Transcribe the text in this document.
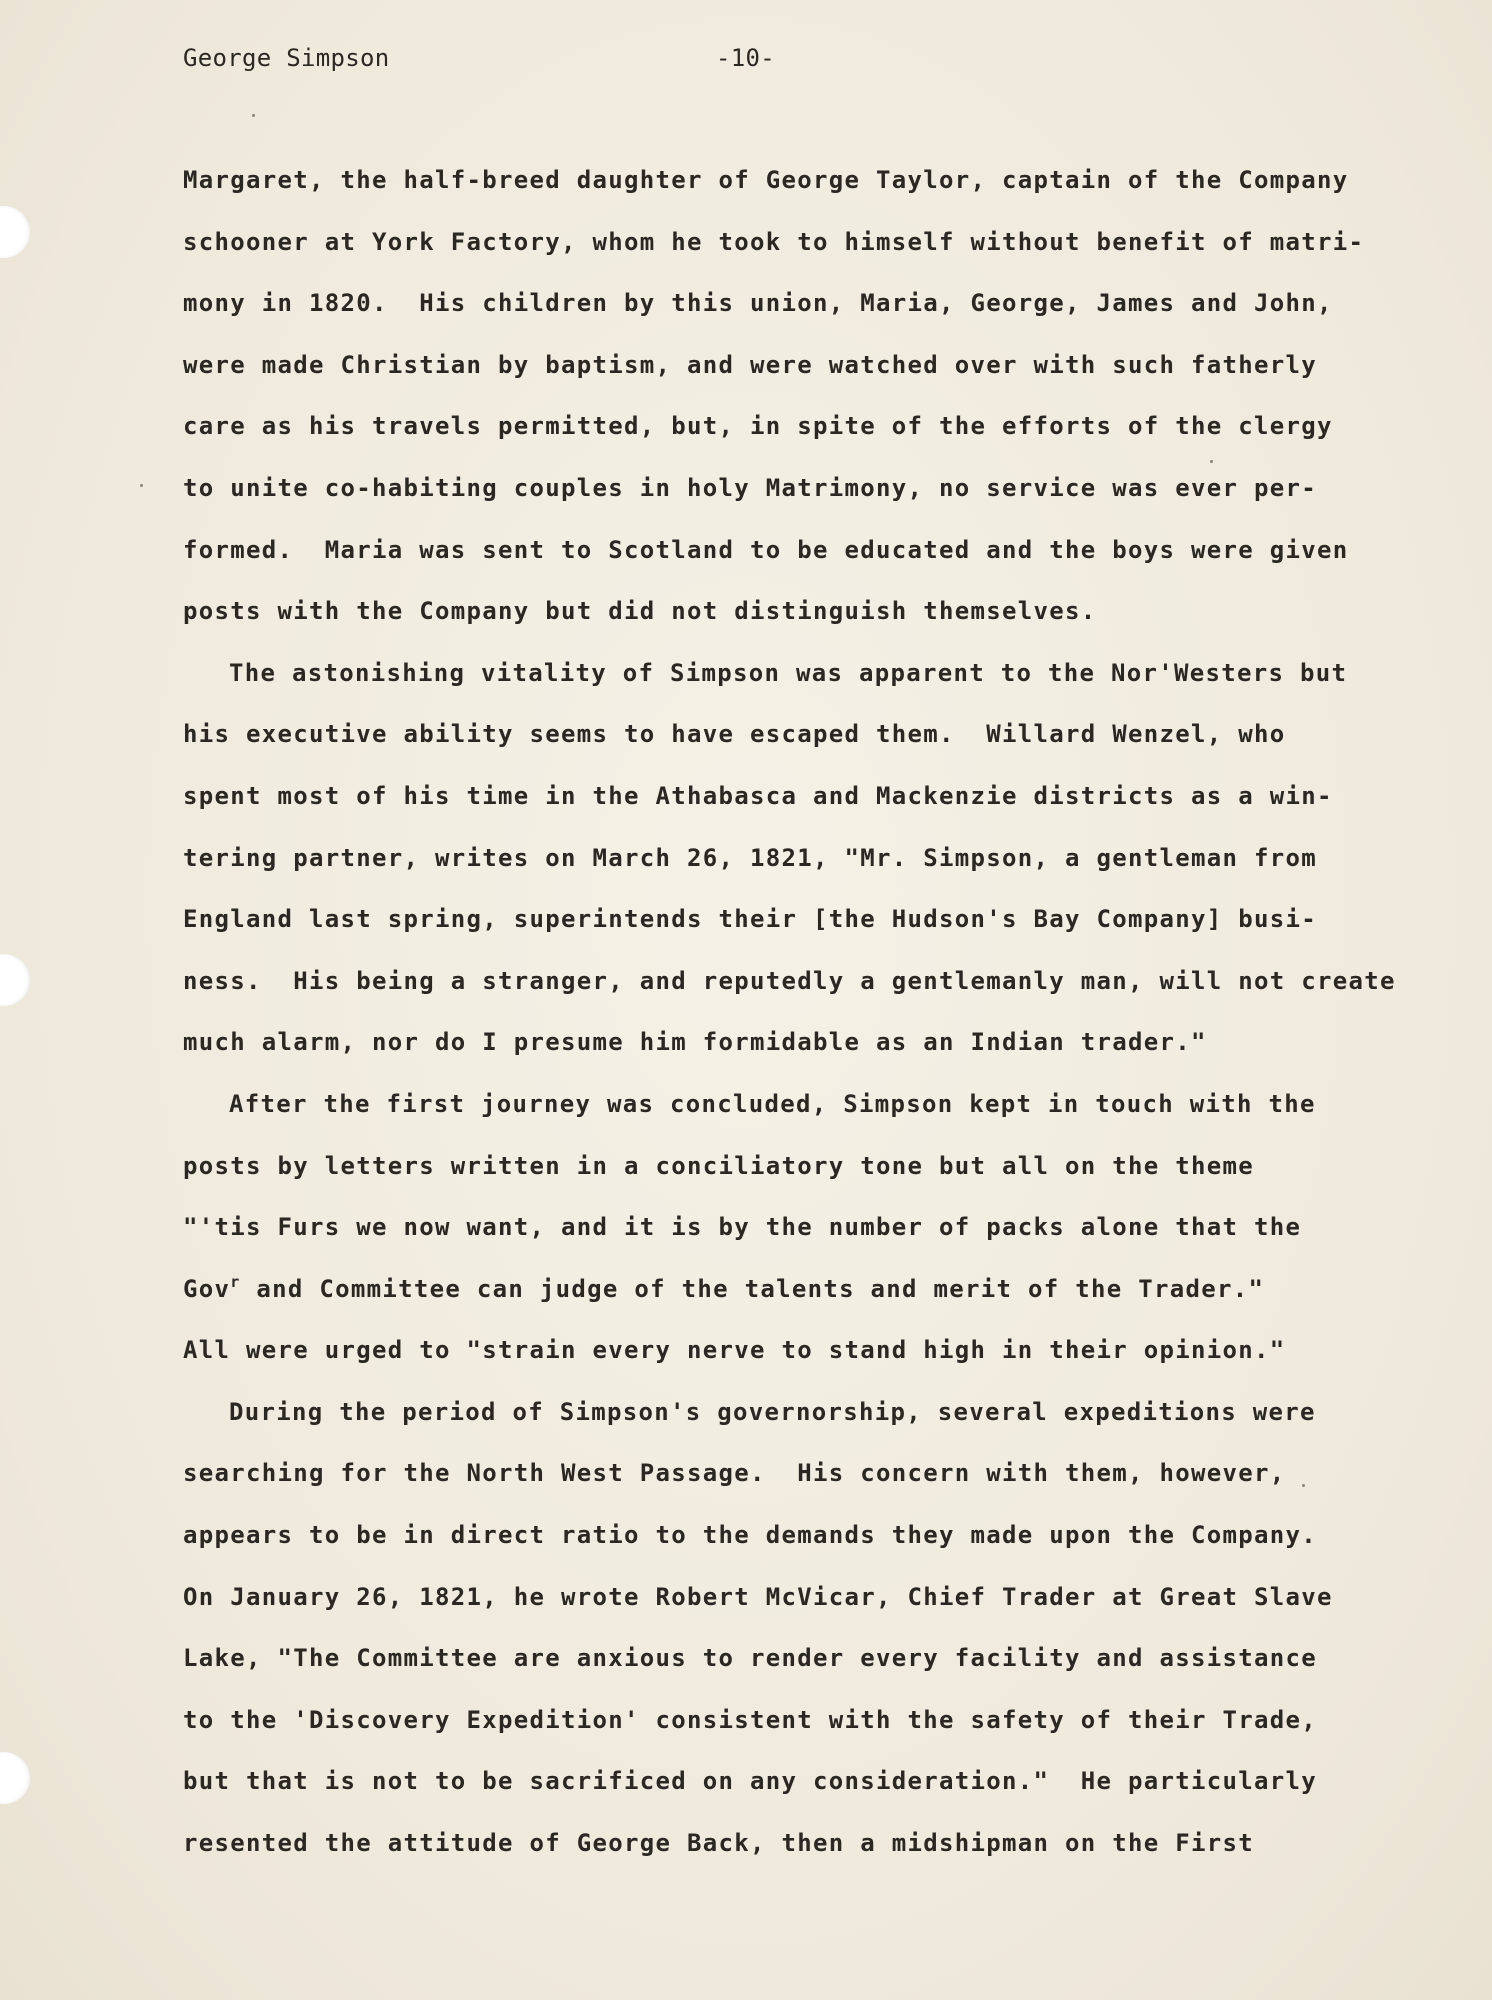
George Simpson	-10-
Margaret, the half-breed daughter of George Taylor, captain of the Company
schooner at York Factory, whom he took to himself without benefit of matri-
mony in 1820.  His children by this union, Maria, George, James and John,
were made Christian by baptism, and were watched over with such fatherly
care as his travels permitted, but, in spite of the efforts of the clergy
to unite co-habiting couples in holy Matrimony, no service was ever per-
formed.  Maria was sent to Scotland to be educated and the boys were given
posts with the Company but did not distinguish themselves.
The astonishing vitality of Simpson was apparent to the Nor'Westers but
his executive ability seems to have escaped them.  Willard Wenzel, who
spent most of his time in the Athabasca and Mackenzie districts as a win-
tering partner, writes on March 26, 1821, "Mr. Simpson, a gentleman from
England last spring, superintends their [the Hudson's Bay Company] busi-
ness.  His being a stranger, and reputedly a gentlemanly man, will not create
much alarm, nor do I presume him formidable as an Indian trader."
After the first journey was concluded, Simpson kept in touch with the
posts by letters written in a conciliatory tone but all on the theme
"'tis Furs we now want, and it is by the number of packs alone that the
Gov$^r$ and Committee can judge of the talents and merit of the Trader."
All were urged to "strain every nerve to stand high in their opinion."
During the period of Simpson's governorship, several expeditions were
searching for the North West Passage.  His concern with them, however,
appears to be in direct ratio to the demands they made upon the Company.
On January 26, 1821, he wrote Robert McVicar, Chief Trader at Great Slave
Lake, "The Committee are anxious to render every facility and assistance
to the 'Discovery Expedition' consistent with the safety of their Trade,
but that is not to be sacrificed on any consideration."  He particularly
resented the attitude of George Back, then a midshipman on the First
